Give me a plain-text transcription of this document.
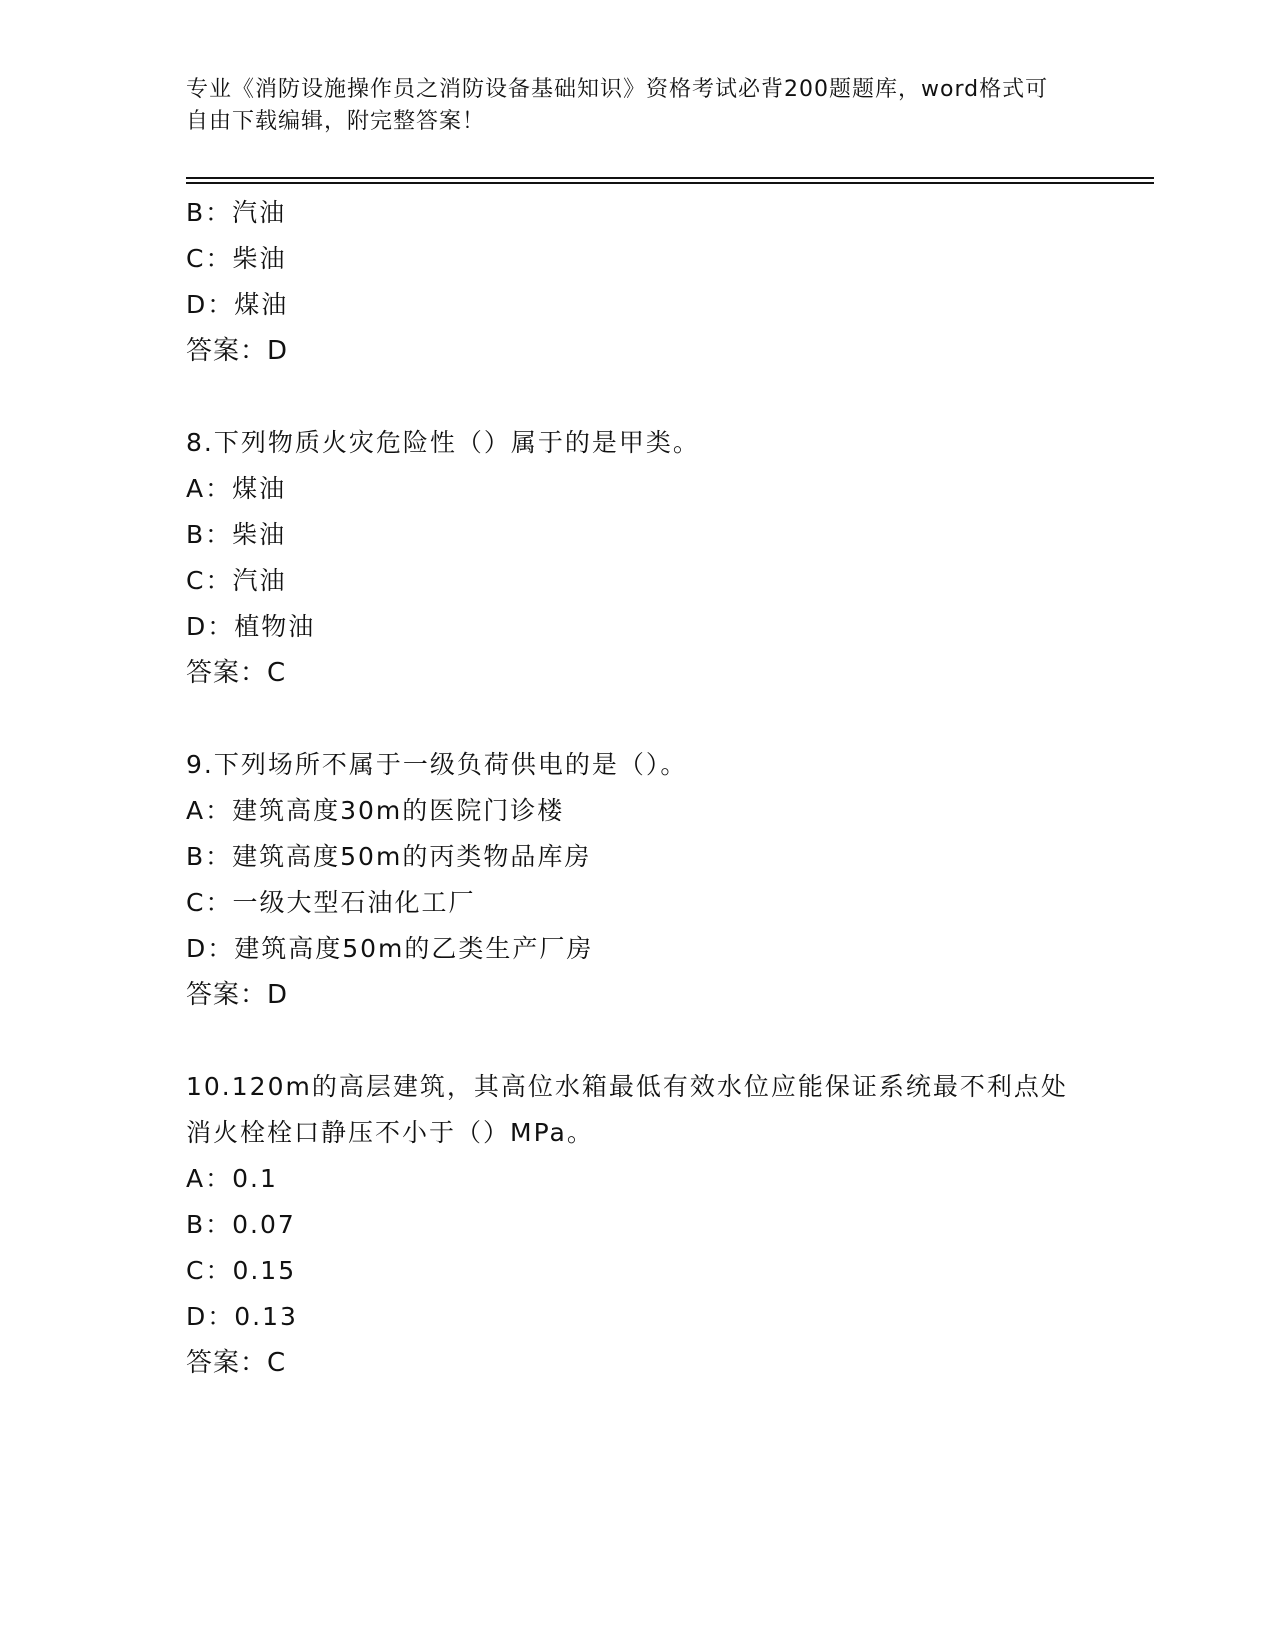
专业《消防设施操作员之消防设备基础知识》资格考试必背200题题库，word格式可自由下载编辑，附完整答案！
B：汽油
C：柴油
D：煤油
答案：D
8.下列物质火灾危险性（）属于的是甲类。
A：煤油
B：柴油
C：汽油
D：植物油
答案：C
9.下列场所不属于一级负荷供电的是（）。
A：建筑高度30m的医院门诊楼
B：建筑高度50m的丙类物品库房
C：一级大型石油化工厂
D：建筑高度50m的乙类生产厂房
答案：D
10.120m的高层建筑，其高位水箱最低有效水位应能保证系统最不利点处消火栓栓口静压不小于（）MPa。
A：0.1
B：0.07
C：0.15
D：0.13
答案：C
